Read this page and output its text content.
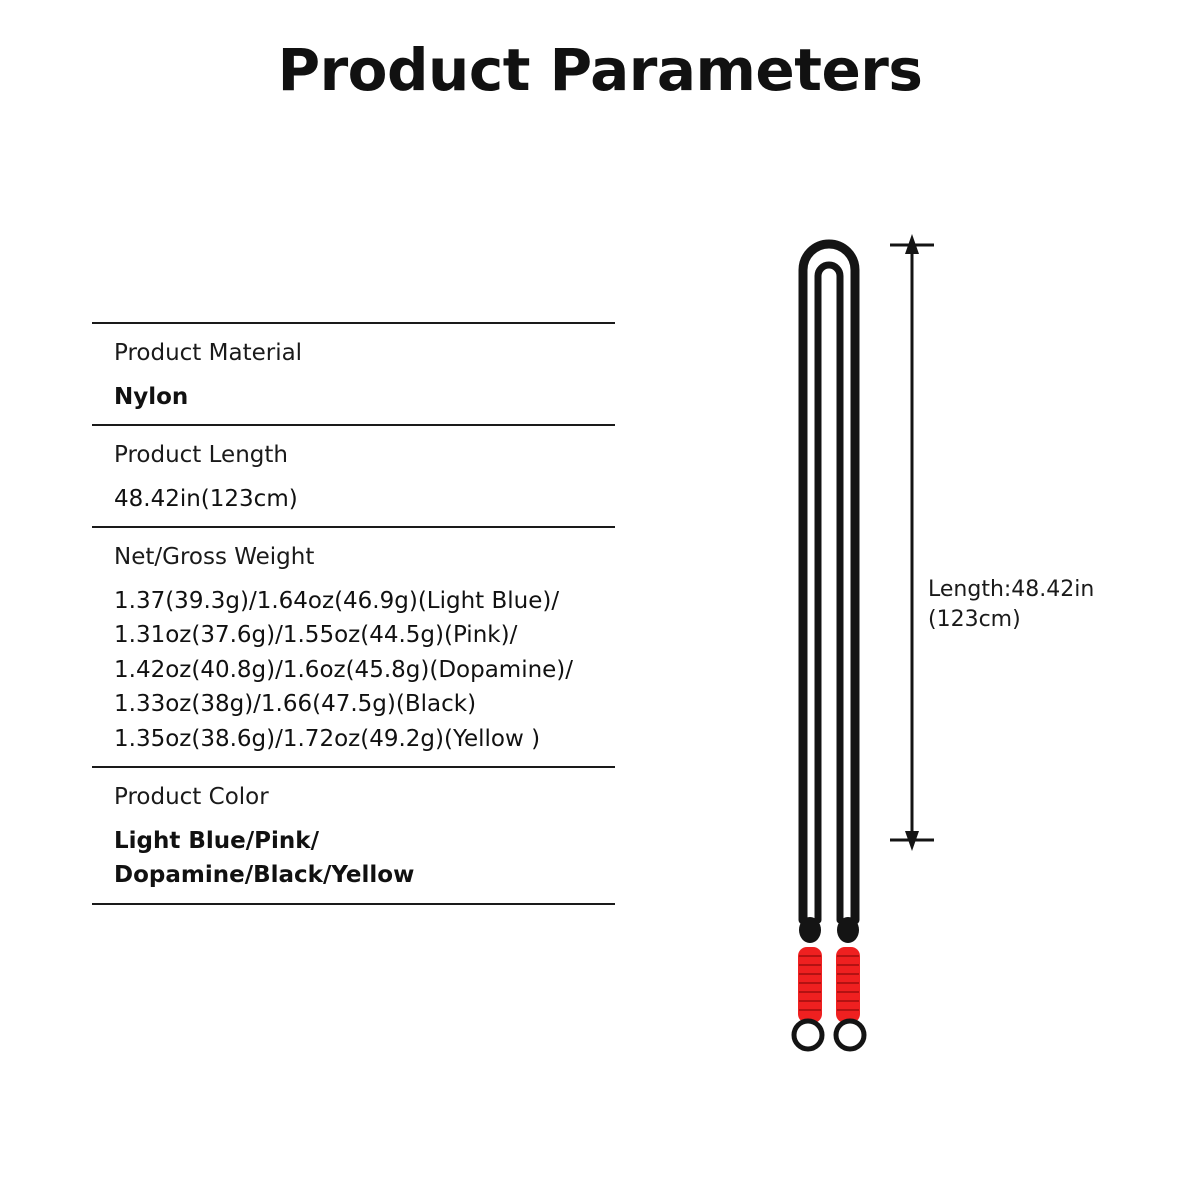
Product Parameters
Product Material
Nylon
Product Length
48.42in(123cm)
Net/Gross Weight
1.37(39.3g)/1.64oz(46.9g)(Light Blue)/
1.31oz(37.6g)/1.55oz(44.5g)(Pink)/
1.42oz(40.8g)/1.6oz(45.8g)(Dopamine)/
1.33oz(38g)/1.66(47.5g)(Black)
1.35oz(38.6g)/1.72oz(49.2g)(Yellow )
Product Color
Light Blue/Pink/
Dopamine/Black/Yellow
Length:48.42in
(123cm)
